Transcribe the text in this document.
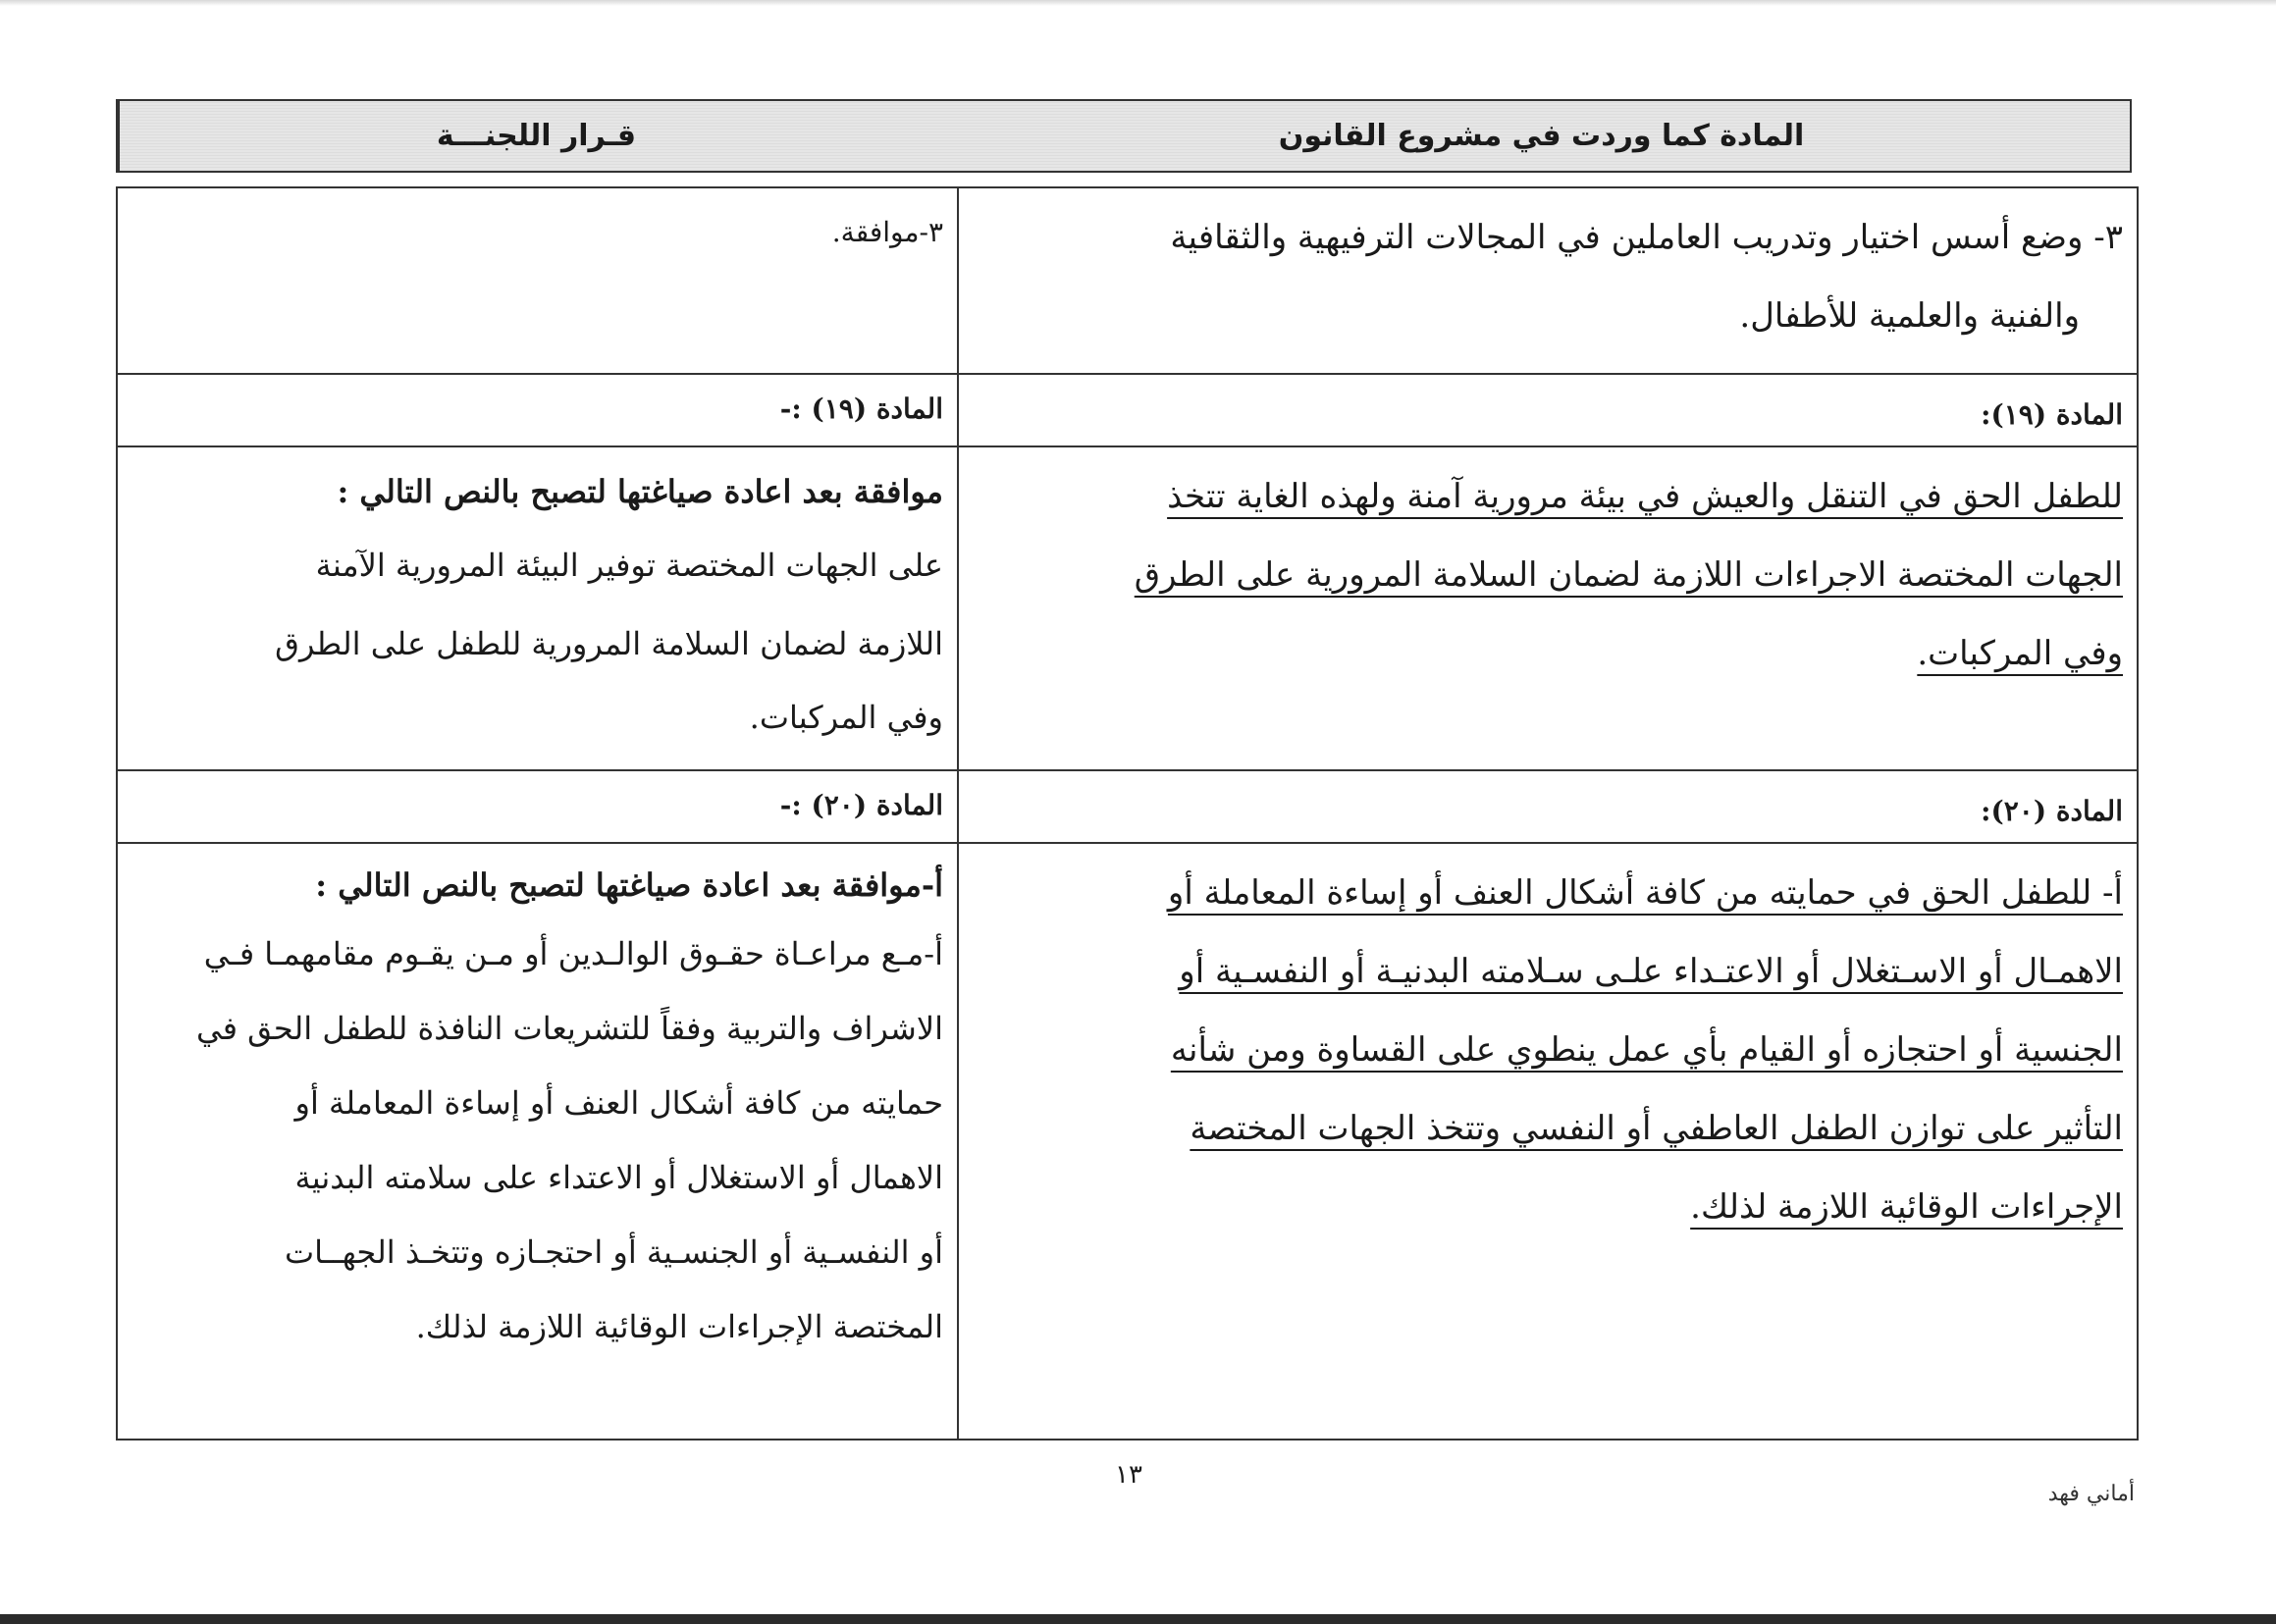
المادة كما وردت في مشروع القانون
قـرار اللجنـــة

٣- وضع أسس اختيار وتدريب العاملين في المجالات الترفيهية والثقافية

والفنية والعلمية للأطفال.

٣-موافقة.

المادة (١٩):

المادة (١٩) :-

للطفل الحق في التنقل والعيش في بيئة مرورية آمنة ولهذه الغاية تتخذ

الجهات المختصة الاجراءات اللازمة لضمان السلامة المرورية على الطرق

وفي المركبات.

موافقة بعد اعادة صياغتها لتصبح بالنص التالي :

على الجهات المختصة توفير البيئة المرورية الآمنة

اللازمة لضمان السلامة المرورية للطفل على الطرق

وفي المركبات.

المادة (٢٠):

المادة (٢٠) :-

أ- للطفل الحق في حمايته من كافة أشكال العنف أو إساءة المعاملة أو

الاهمـال أو الاسـتغلال أو الاعتـداء علـى سـلامته البدنيـة أو النفسـية أو

الجنسية أو احتجازه أو القيام بأي عمل ينطوي على القساوة ومن شأنه

التأثير على توازن الطفل العاطفي أو النفسي وتتخذ الجهات المختصة

الإجراءات الوقائية اللازمة لذلك.

أ-موافقة بعد اعادة صياغتها لتصبح بالنص التالي :

أ-مـع مراعـاة حقـوق الوالـدين أو مـن يقـوم مقامهمـا فـي

الاشراف والتربية وفقاً للتشريعات النافذة للطفل الحق في

حمايته من كافة أشكال العنف أو إساءة المعاملة أو

الاهمال أو الاستغلال أو الاعتداء على سلامته البدنية

أو النفسـية أو الجنسـية أو احتجـازه وتتخـذ الجهــات

المختصة الإجراءات الوقائية اللازمة لذلك.

١٣
أماني فهد
